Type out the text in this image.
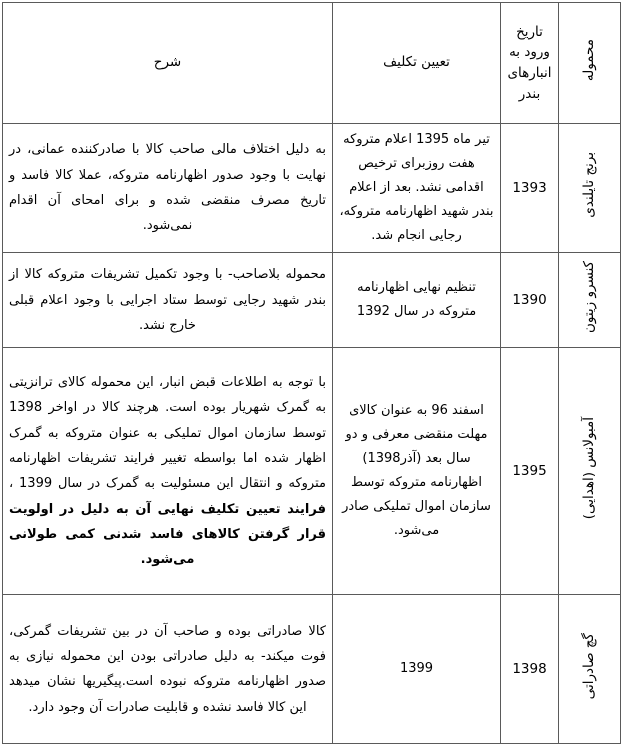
محموله	تاریخ ورود به انبارهای بندر	تعیین تکلیف	شرح
برنج تایلندی	1393	تیر ماه 1395 اعلام متروکه هفت روزبرای ترخیص اقدامی نشد. بعد از اعلام بندر شهید اظهارنامه متروکه، رجایی انجام شد.	به دلیل اختلاف مالی صاحب کالا با صادرکننده عمانی، در نهایت با وجود صدور اظهارنامه متروکه، عملا کالا فاسد و تاریخ مصرف منقضی شده و برای امحای آن اقدام نمی‌شود.
کنسرو زیتون	1390	تنظیم نهایی اظهارنامه متروکه در سال 1392	محموله بلاصاحب- با وجود تکمیل تشریفات متروکه کالا از بندر شهید رجایی توسط ستاد اجرایی با وجود اعلام قبلی خارج نشد.
آمبولانس (اهدایی)	1395	اسفند 96 به عنوان کالای مهلت منقضی معرفی و دو سال بعد (آذر1398) اظهارنامه متروکه توسط سازمان اموال تملیکی صادر می‌شود.	با توجه به اطلاعات قبض انبار، این محموله کالای ترانزیتی به گمرک شهریار بوده است. هرچند کالا در اواخر 1398 توسط سازمان اموال تملیکی به عنوان متروکه به گمرک اظهار شده اما بواسطه تغییر فرایند تشریفات اظهارنامه متروکه و انتقال این مسئولیت به گمرک در سال 1399 ، فرایند تعیین تکلیف نهایی آن به دلیل در اولویت قرار گرفتن کالاهای فاسد شدنی کمی طولانی می‌شود.
گچ صادراتی	1398	1399	کالا صادراتی بوده و صاحب آن در بین تشریفات گمرکی، فوت میکند- به دلیل صادراتی بودن این محموله نیازی به صدور اظهارنامه متروکه نبوده است.پیگیریها نشان میدهد این کالا فاسد نشده و قابلیت صادرات آن وجود دارد.
